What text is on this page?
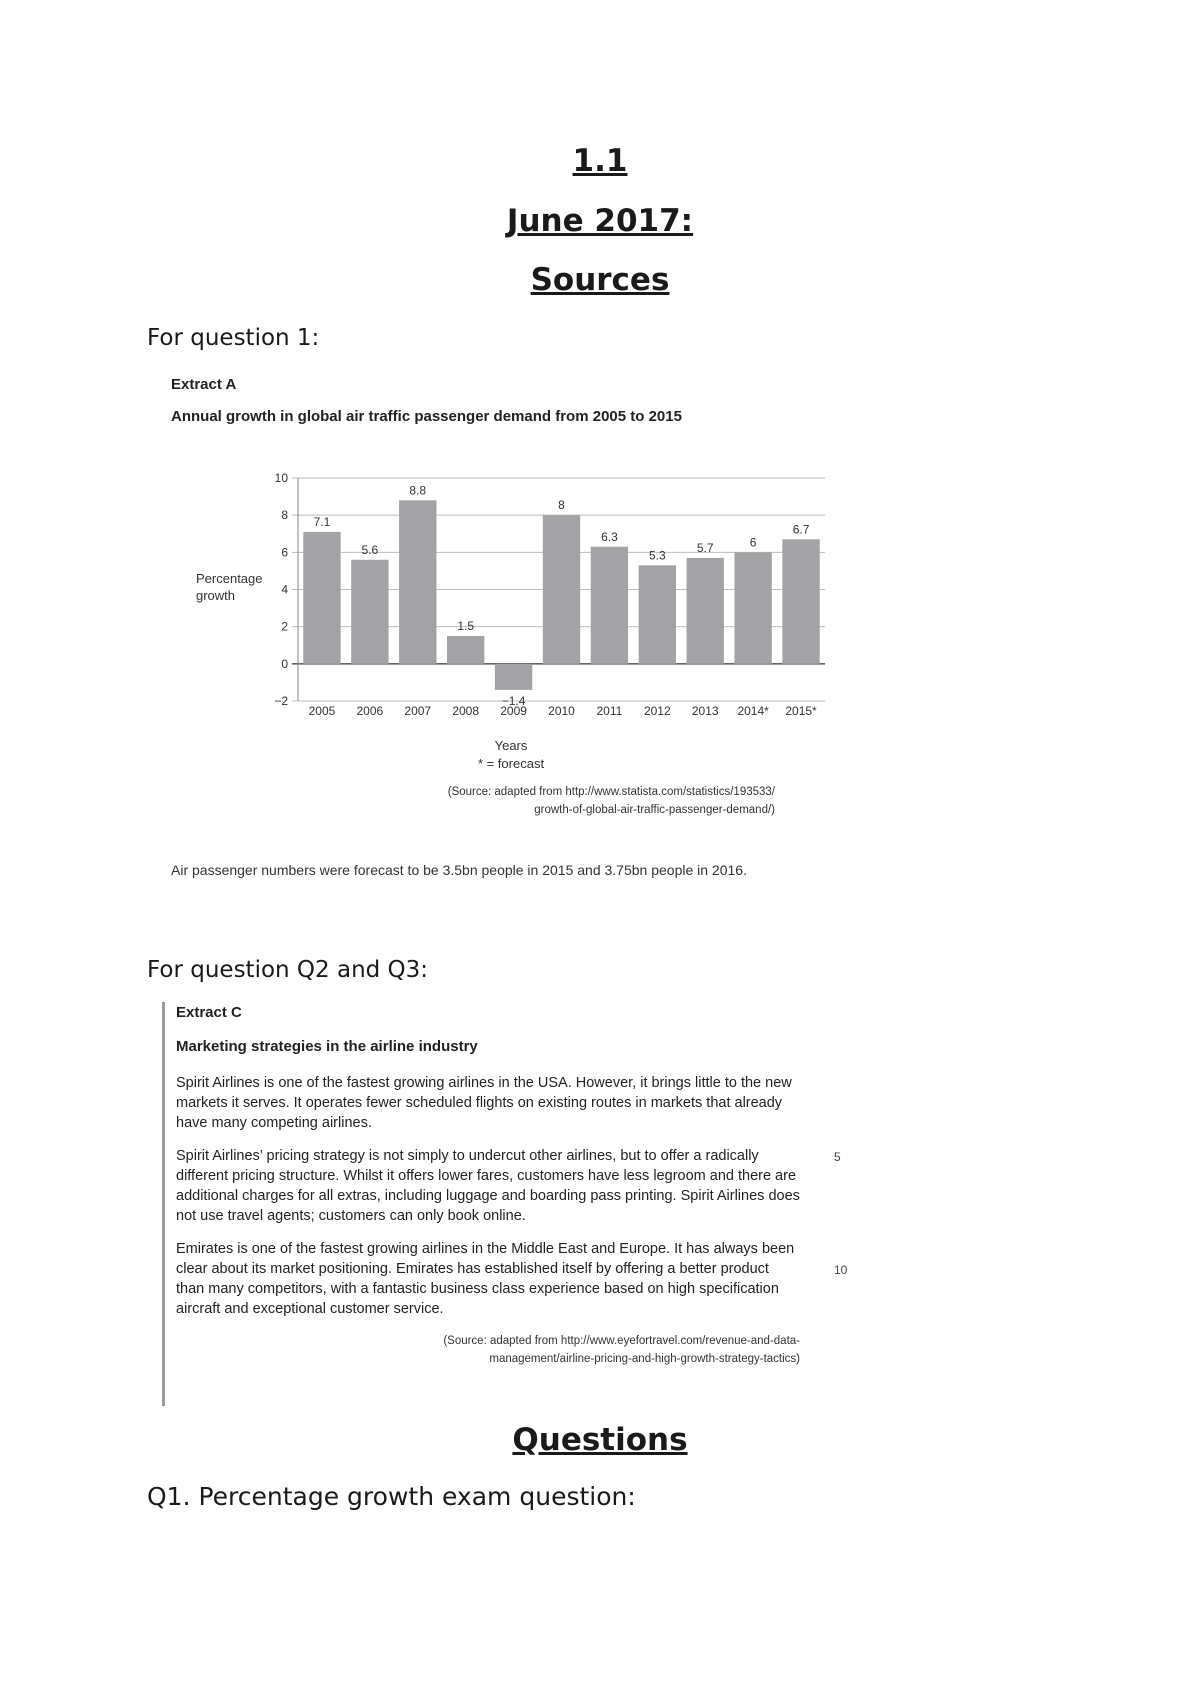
1.1
June 2017:
Sources

For question 1:

Extract A
Annual growth in global air traffic passenger demand from 2005 to 2015
−2
0
2
4
6
8
10
2005 2006 2007 2008 2009 2010 2011 2012 2013 2014* 2015*
7.1
5.6
8.8
1.5
−1.4
8
6.3
5.3
5.7	6
6.7
Percentage
growth
Years
* = forecast
(Source: adapted from http://www.statista.com/statistics/193533/
growth-of-global-air-traffic-passenger-demand/)
Air passenger numbers were forecast to be 3.5bn people in 2015 and 3.75bn people in 2016.

For question Q2 and Q3:

Extract C
Marketing strategies in the airline industry

Spirit Airlines is one of the fastest growing airlines in the USA. However, it brings little to the new markets it serves. It operates fewer scheduled flights on existing routes in markets that already have many competing airlines.

Spirit Airlines’ pricing strategy is not simply to undercut other airlines, but to offer a radically different pricing structure. Whilst it offers lower fares, customers have less legroom and there are additional charges for all extras, including luggage and boarding pass printing. Spirit Airlines does not use travel agents; customers can only book online.

Emirates is one of the fastest growing airlines in the Middle East and Europe. It has always been clear about its market positioning. Emirates has established itself by offering a better product than many competitors, with a fantastic business class experience based on high specification aircraft and exceptional customer service.

5
10
(Source: adapted from http://www.eyefortravel.com/revenue-and-data-
management/airline-pricing-and-high-growth-strategy-tactics)
Questions

Q1. Percentage growth exam question:
